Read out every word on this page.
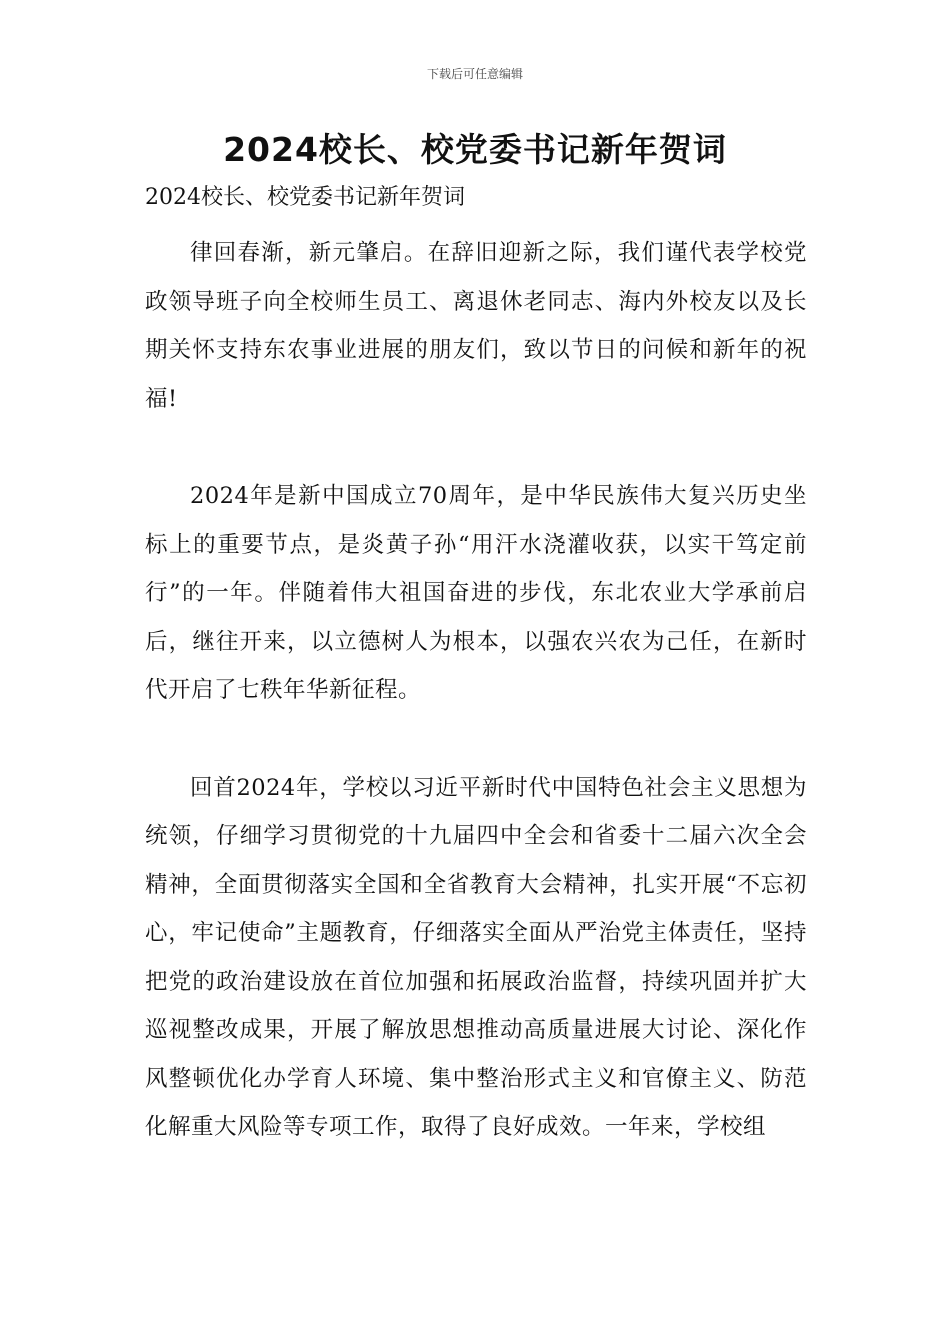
下载后可任意编辑
2024校长、校党委书记新年贺词

2024校长、校党委书记新年贺词

律回春渐，新元肇启。在辞旧迎新之际，我们谨代表学校党政领导班子向全校师生员工、离退休老同志、海内外校友以及长期关怀支持东农事业进展的朋友们，致以节日的问候和新年的祝福!

2024年是新中国成立70周年，是中华民族伟大复兴历史坐标上的重要节点，是炎黄子孙“用汗水浇灌收获，以实干笃定前行”的一年。伴随着伟大祖国奋进的步伐，东北农业大学承前启后，继往开来，以立德树人为根本，以强农兴农为己任，在新时代开启了七秩年华新征程。

回首2024年，学校以习近平新时代中国特色社会主义思想为统领，仔细学习贯彻党的十九届四中全会和省委十二届六次全会精神，全面贯彻落实全国和全省教育大会精神，扎实开展“不忘初心，牢记使命”主题教育，仔细落实全面从严治党主体责任，坚持把党的政治建设放在首位加强和拓展政治监督，持续巩固并扩大巡视整改成果，开展了解放思想推动高质量进展大讨论、深化作风整顿优化办学育人环境、集中整治形式主义和官僚主义、防范化解重大风险等专项工作，取得了良好成效。一年来，学校组
